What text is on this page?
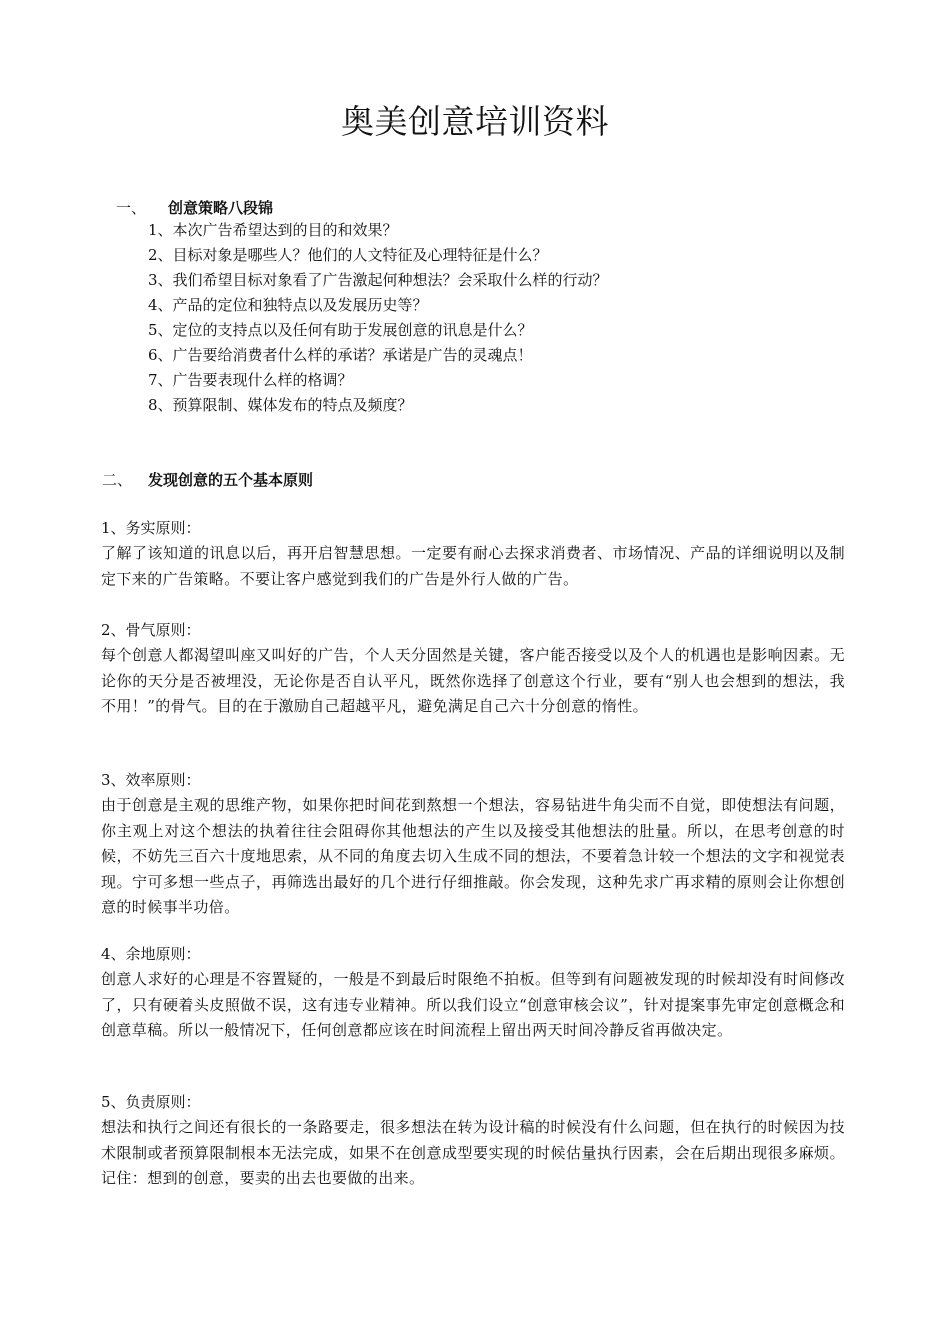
奥美创意培训资料
一、 创意策略八段锦
1、本次广告希望达到的目的和效果？
2、目标对象是哪些人？他们的人文特征及心理特征是什么？
3、我们希望目标对象看了广告激起何种想法？会采取什么样的行动？
4、产品的定位和独特点以及发展历史等？
5、定位的支持点以及任何有助于发展创意的讯息是什么？
6、广告要给消费者什么样的承诺？承诺是广告的灵魂点！
7、广告要表现什么样的格调？
8、预算限制、媒体发布的特点及频度？
二、 发现创意的五个基本原则

1、务实原则：

了解了该知道的讯息以后，再开启智慧思想。一定要有耐心去探求消费者、市场情况、产品的详细说明以及制定下来的广告策略。不要让客户感觉到我们的广告是外行人做的广告。

2、骨气原则：

每个创意人都渴望叫座又叫好的广告，个人天分固然是关键，客户能否接受以及个人的机遇也是影响因素。无论你的天分是否被埋没，无论你是否自认平凡，既然你选择了创意这个行业，要有“别人也会想到的想法，我不用！”的骨气。目的在于激励自己超越平凡，避免满足自己六十分创意的惰性。

3、效率原则：

由于创意是主观的思维产物，如果你把时间花到熬想一个想法，容易钻进牛角尖而不自觉，即使想法有问题，你主观上对这个想法的执着往往会阻碍你其他想法的产生以及接受其他想法的肚量。所以，在思考创意的时候，不妨先三百六十度地思索，从不同的角度去切入生成不同的想法，不要着急计较一个想法的文字和视觉表现。宁可多想一些点子，再筛选出最好的几个进行仔细推敲。你会发现，这种先求广再求精的原则会让你想创意的时候事半功倍。

4、余地原则：

创意人求好的心理是不容置疑的，一般是不到最后时限绝不拍板。但等到有问题被发现的时候却没有时间修改了，只有硬着头皮照做不误，这有违专业精神。所以我们设立“创意审核会议”，针对提案事先审定创意概念和创意草稿。所以一般情况下，任何创意都应该在时间流程上留出两天时间冷静反省再做决定。

5、负责原则：

想法和执行之间还有很长的一条路要走，很多想法在转为设计稿的时候没有什么问题，但在执行的时候因为技术限制或者预算限制根本无法完成，如果不在创意成型要实现的时候估量执行因素，会在后期出现很多麻烦。记住：想到的创意，要卖的出去也要做的出来。
